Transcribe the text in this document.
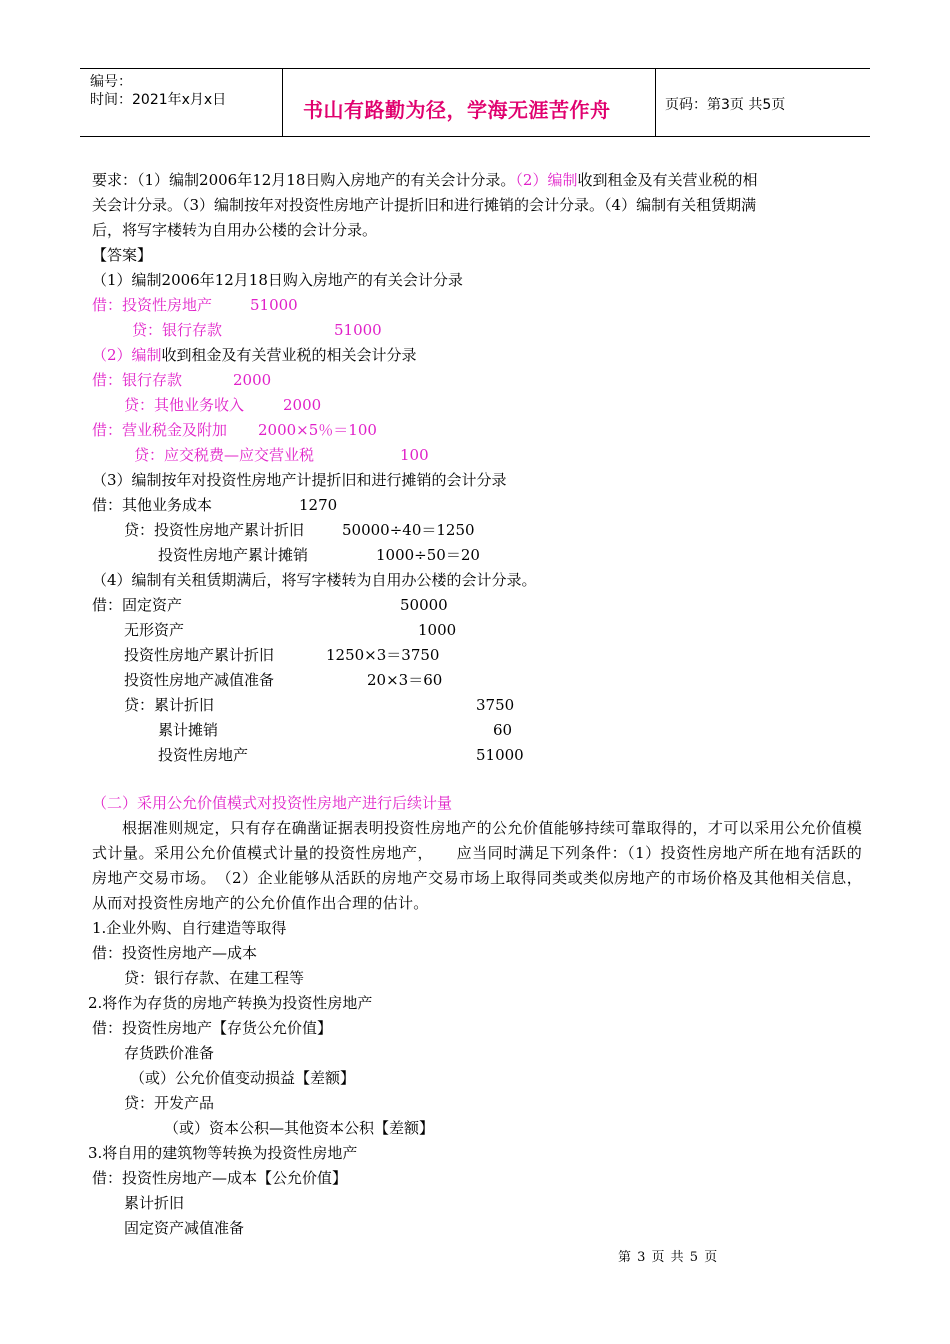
编号：
时间：2021年x月x日	书山有路勤为径，学海无涯苦作舟	页码：第3页 共5页
要求：（1）编制2006年12月18日购入房地产的有关会计分录。（2）编制收到租金及有关营业税的相
关会计分录。（3）编制按年对投资性房地产计提折旧和进行摊销的会计分录。（4）编制有关租赁期满
后，将写字楼转为自用办公楼的会计分录。
【答案】
（1）编制2006年12月18日购入房地产的有关会计分录
借：投资性房地产	51000
贷：银行存款	51000
（2）编制收到租金及有关营业税的相关会计分录
借：银行存款	2000
贷：其他业务收入	2000
借：营业税金及附加 2000×5％＝100
贷：应交税费—应交营业税	100
（3）编制按年对投资性房地产计提折旧和进行摊销的会计分录
借：其他业务成本	1270
贷：投资性房地产累计折旧	50000÷40＝1250
投资性房地产累计摊销	1000÷50＝20
（4）编制有关租赁期满后，将写字楼转为自用办公楼的会计分录。
借：固定资产	50000
无形资产	1000
投资性房地产累计折旧	1250×3＝3750
投资性房地产减值准备	20×3＝60
贷：累计折旧	3750
累计摊销	60
投资性房地产	51000
（二）采用公允价值模式对投资性房地产进行后续计量
根据准则规定，只有存在确凿证据表明投资性房地产的公允价值能够持续可靠取得的，才可以采用公允价值模式计量。采用公允价值模式计量的投资性房地产，　　应当同时满足下列条件：（1）投资性房地产所在地有活跃的房地产交易市场。　（2）企业能够从活跃的房地产交易市场上取得同类或类似房地产的市场价格及其他相关信息，从而对投资性房地产的公允价值作出合理的估计。
1.企业外购、自行建造等取得
借：投资性房地产—成本
贷：银行存款、在建工程等
2.将作为存货的房地产转换为投资性房地产
借：投资性房地产【存货公允价值】
存货跌价准备
（或）公允价值变动损益【差额】
贷：开发产品
（或）资本公积—其他资本公积【差额】
3.将自用的建筑物等转换为投资性房地产
借：投资性房地产—成本【公允价值】
累计折旧
固定资产减值准备
第 3 页 共 5 页
